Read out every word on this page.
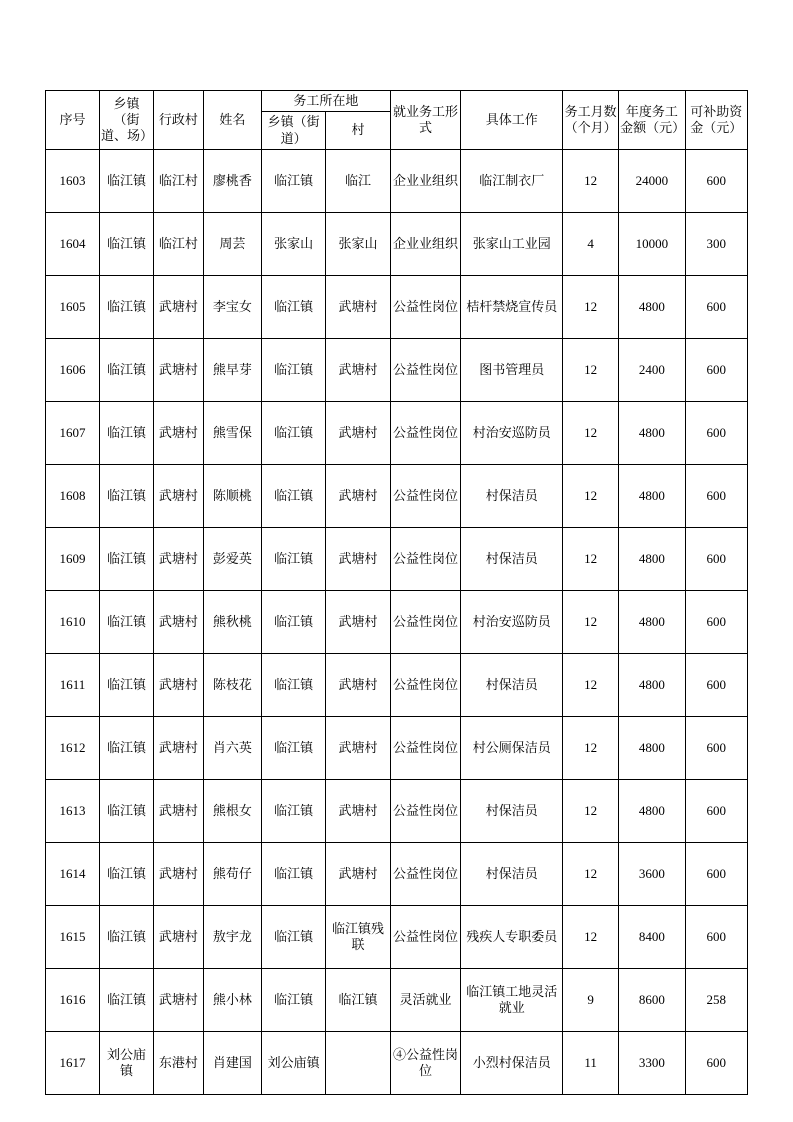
序号	乡镇（街道、场）	行政村	姓名	务工所在地		就业务工形式	具体工作	务工月数（个月）	年度务工金额（元）	可补助资金（元）
				乡镇（街道）	村					
1603	临江镇	临江村	廖桃香	临江镇	临江	企业业组织	临江制衣厂	12	24000	600
1604	临江镇	临江村	周芸	张家山	张家山	企业业组织	张家山工业园	4	10000	300
1605	临江镇	武塘村	李宝女	临江镇	武塘村	公益性岗位	桔杆禁烧宣传员	12	4800	600
1606	临江镇	武塘村	熊早芽	临江镇	武塘村	公益性岗位	图书管理员	12	2400	600
1607	临江镇	武塘村	熊雪保	临江镇	武塘村	公益性岗位	村治安巡防员	12	4800	600
1608	临江镇	武塘村	陈顺桃	临江镇	武塘村	公益性岗位	村保洁员	12	4800	600
1609	临江镇	武塘村	彭爱英	临江镇	武塘村	公益性岗位	村保洁员	12	4800	600
1610	临江镇	武塘村	熊秋桃	临江镇	武塘村	公益性岗位	村治安巡防员	12	4800	600
1611	临江镇	武塘村	陈枝花	临江镇	武塘村	公益性岗位	村保洁员	12	4800	600
1612	临江镇	武塘村	肖六英	临江镇	武塘村	公益性岗位	村公厕保洁员	12	4800	600
1613	临江镇	武塘村	熊根女	临江镇	武塘村	公益性岗位	村保洁员	12	4800	600
1614	临江镇	武塘村	熊苟仔	临江镇	武塘村	公益性岗位	村保洁员	12	3600	600
1615	临江镇	武塘村	敖宇龙	临江镇	临江镇残联	公益性岗位	残疾人专职委员	12	8400	600
1616	临江镇	武塘村	熊小林	临江镇	临江镇	灵活就业	临江镇工地灵活就业	9	8600	258
1617	刘公庙镇	东港村	肖建国	刘公庙镇		④公益性岗位	小烈村保洁员	11	3300	600
